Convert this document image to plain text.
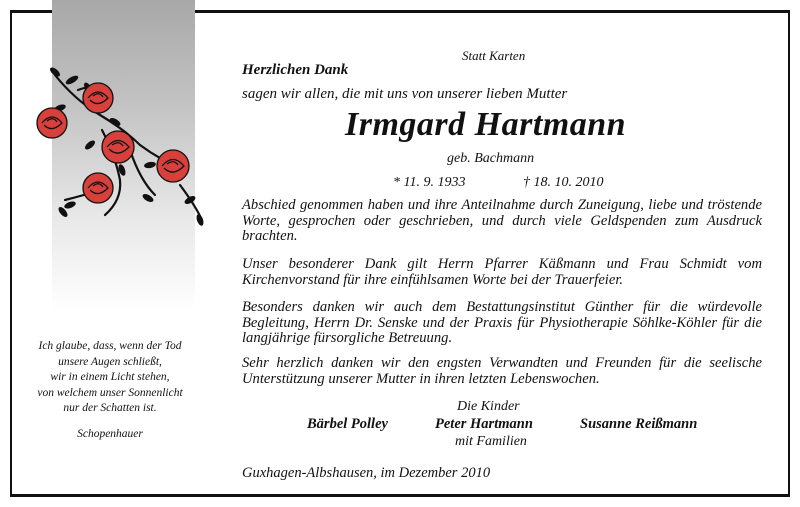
Ich glaube, dass, wenn der Tod
unsere Augen schließt,
wir in einem Licht stehen,
von welchem unser Sonnenlicht
nur der Schatten ist.
Schopenhauer
Statt Karten
Herzlichen Dank
sagen wir allen, die mit uns von unserer lieben Mutter
Irmgard Hartmann
geb. Bachmann
* 11. 9. 1933	† 18. 10. 2010
Abschied genommen haben und ihre Anteilnahme durch Zuneigung, liebe und tröstende Worte, gesprochen oder geschrieben, und durch viele Geldspenden zum Ausdruck brachten.
Unser besonderer Dank gilt Herrn Pfarrer Käßmann und Frau Schmidt vom Kirchenvorstand für ihre einfühlsamen Worte bei der Trauerfeier.
Besonders danken wir auch dem Bestattungsinstitut Günther für die würdevolle Begleitung, Herrn Dr. Senske und der Praxis für Physiotherapie Söhlke-Köhler für die langjährige fürsorgliche Betreuung.
Sehr herzlich danken wir den engsten Verwandten und Freunden für die seelische Unterstützung unserer Mutter in ihren letzten Lebenswochen.
Die Kinder
Bärbel Polley	Peter Hartmann	Susanne Reißmann
mit Familien
Guxhagen-Albshausen, im Dezember 2010
